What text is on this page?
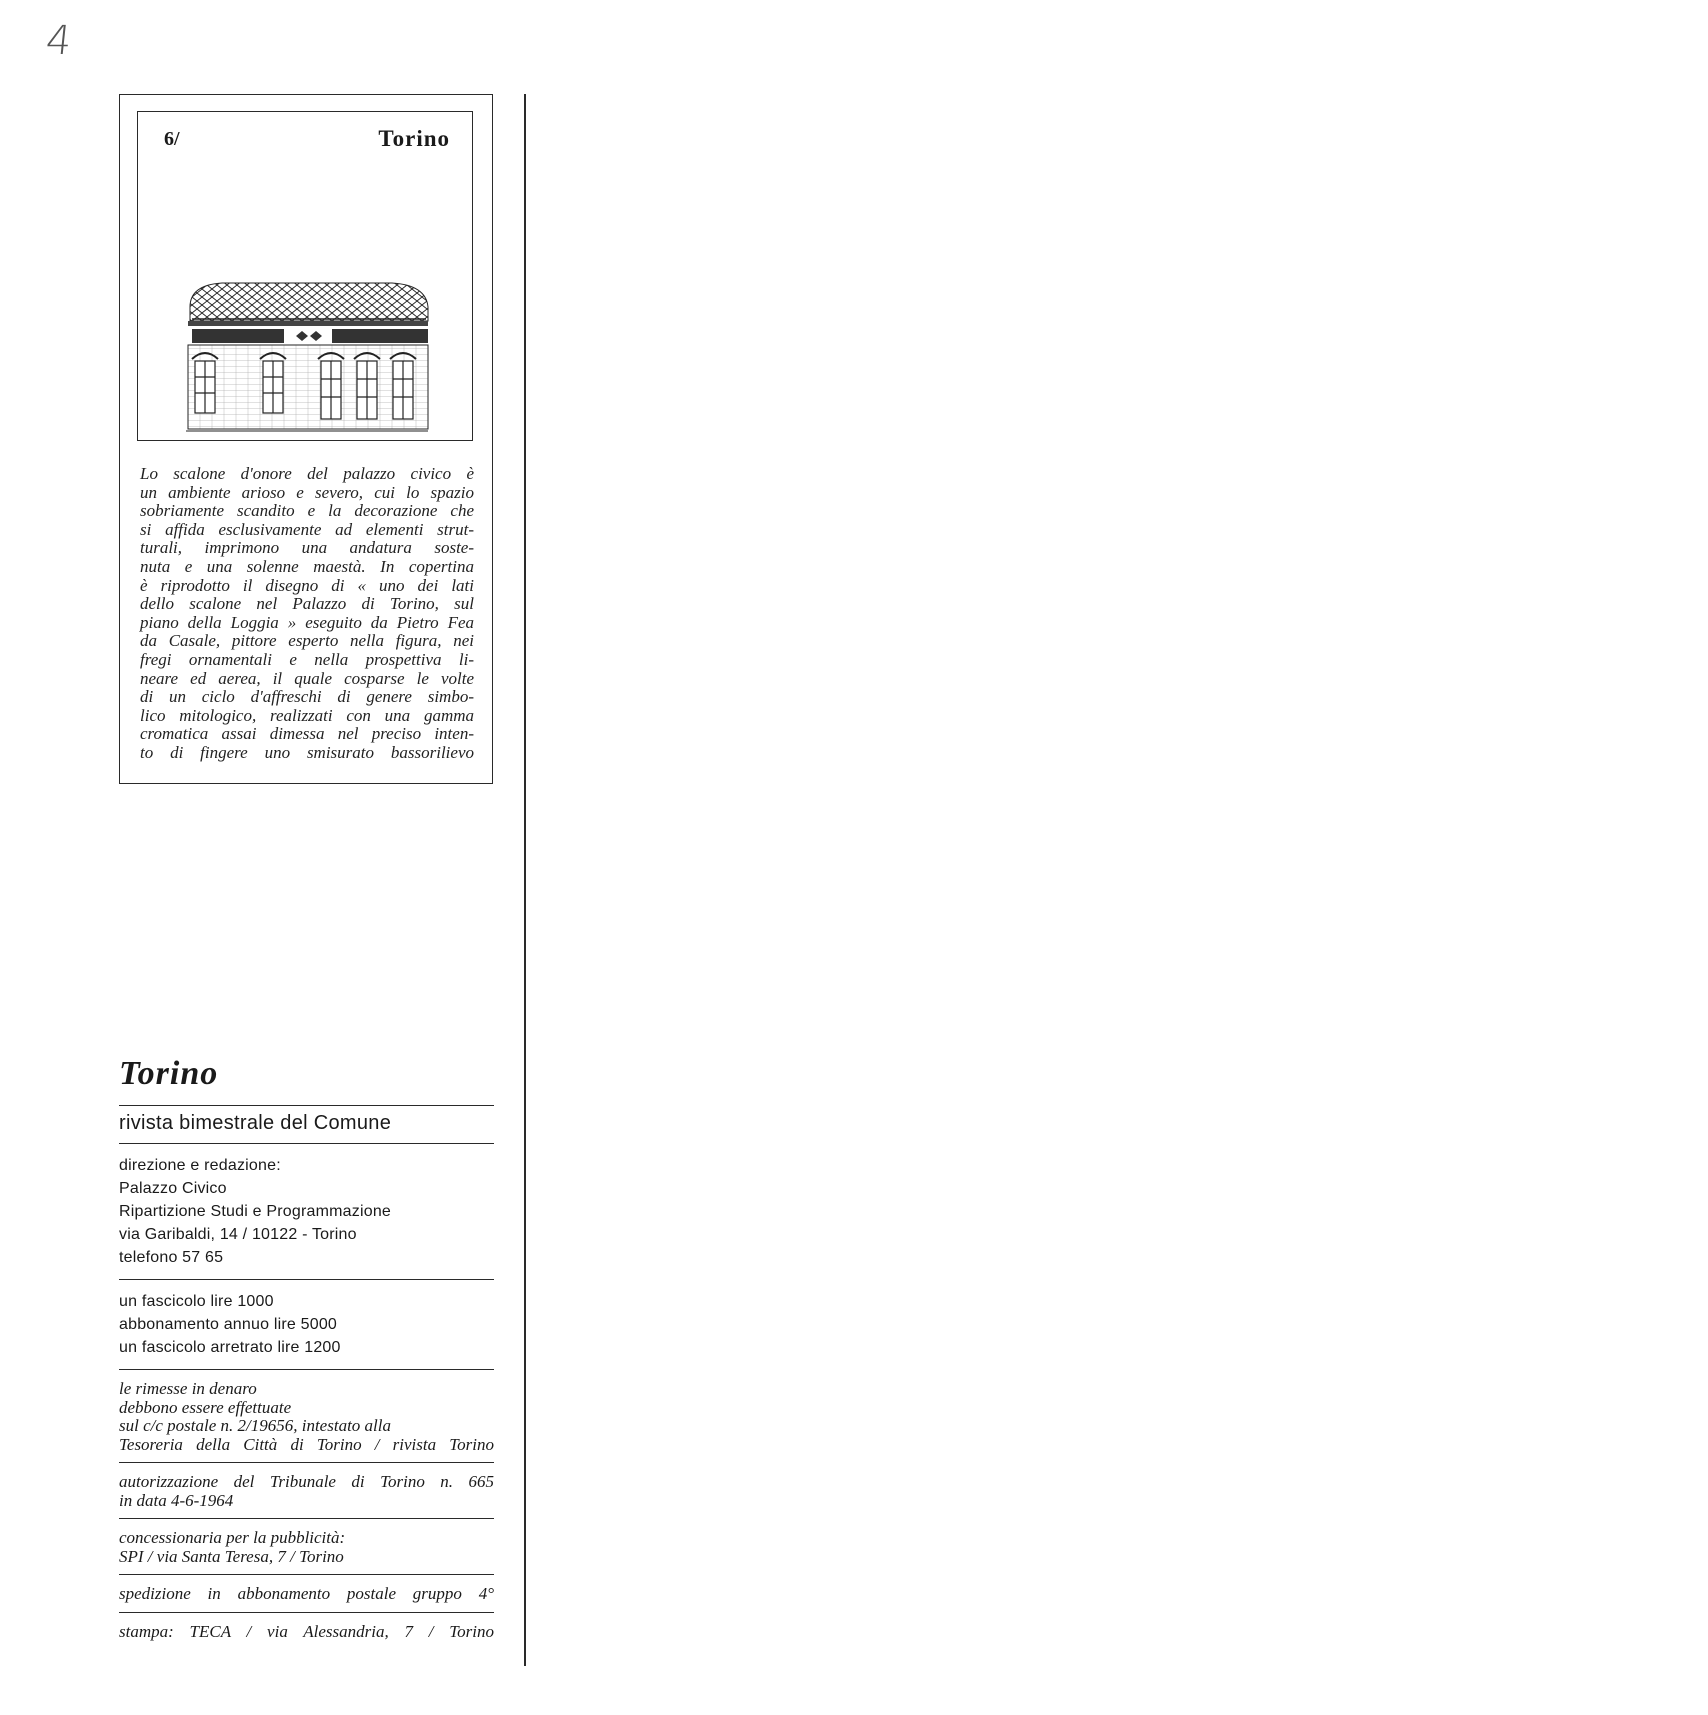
4
6/	Torino
Lo scalone d'onore del palazzo civico è
un ambiente arioso e severo, cui lo spazio
sobriamente scandito e la decorazione che
si affida esclusivamente ad elementi strut-
turali, imprimono una andatura soste-
nuta e una solenne maestà. In copertina
è riprodotto il disegno di « uno dei lati
dello scalone nel Palazzo di Torino, sul
piano della Loggia » eseguito da Pietro Fea
da Casale, pittore esperto nella figura, nei
fregi ornamentali e nella prospettiva li-
neare ed aerea, il quale cosparse le volte
di un ciclo d'affreschi di genere simbo-
lico mitologico, realizzati con una gamma
cromatica assai dimessa nel preciso inten-
to di fingere uno smisurato bassorilievo
Torino
rivista bimestrale del Comune
direzione e redazione:
Palazzo Civico
Ripartizione Studi e Programmazione
via Garibaldi, 14 / 10122 - Torino
telefono 57 65
un fascicolo lire 1000
abbonamento annuo lire 5000
un fascicolo arretrato lire 1200
le rimesse in denaro
debbono essere effettuate
sul c/c postale n. 2/19656, intestato alla
Tesoreria della Città di Torino / rivista Torino
autorizzazione del Tribunale di Torino n. 665
in data 4-6-1964
concessionaria per la pubblicità:
SPI / via Santa Teresa, 7 / Torino
spedizione in abbonamento postale gruppo 4°
stampa: TECA / via Alessandria, 7 / Torino
